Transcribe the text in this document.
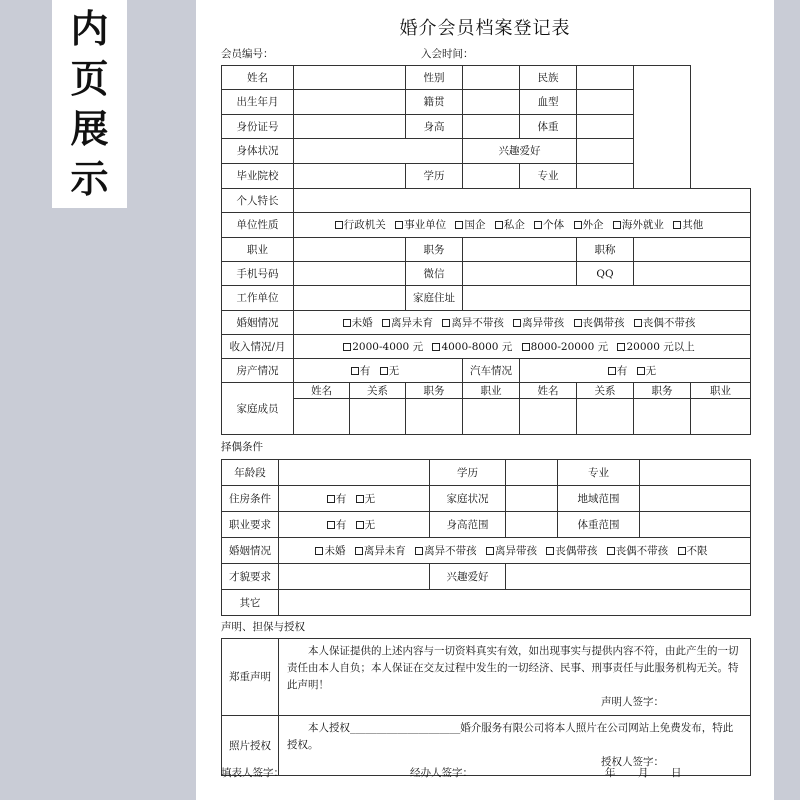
内
页
展
示
婚介会员档案登记表
会员编号：	入会时间：
姓名			性别		民族			
出生年月			籍贯		血型			
身份证号			身高		体重			
身体状况				兴趣爱好				
毕业院校			学历		专业			
个人特长								
单位性质	行政机关 事业单位 国企 私企 个体 外企 海外就业 其他							
职业			职务			职称		
手机号码			微信			QQ		
工作单位			家庭住址					
婚姻情况	未婚 离异未育 离异不带孩 离异带孩 丧偶带孩 丧偶不带孩							
收入情况/月	2000-4000 元 4000-8000 元 8000-20000 元 20000 元以上							
房产情况	有 无			汽车情况	有 无			
家庭成员	姓名	关系	职务	职业	姓名	关系	职务	职业

择偶条件
年龄段		学历		专业	
住房条件	有 无	家庭状况		地域范围	
职业要求	有 无	身高范围		体重范围	
婚姻情况	未婚 离异未育 离异不带孩 离异带孩 丧偶带孩 丧偶不带孩 不限				
才貌要求		兴趣爱好			
其它					
声明、担保与授权
郑重声明	本人保证提供的上述内容与一切资料真实有效，如出现事实与提供内容不符，由此产生的一切责任由本人自负；本人保证在交友过程中发生的一切经济、民事、刑事责任与此服务机构无关。特此声明！
声明人签字：

照片授权	本人授权_____________________婚介服务有限公司将本人照片在公司网站上免费发布，特此授权。
授权人签字：
填表人签字：	经办人签字：	年 月 日
